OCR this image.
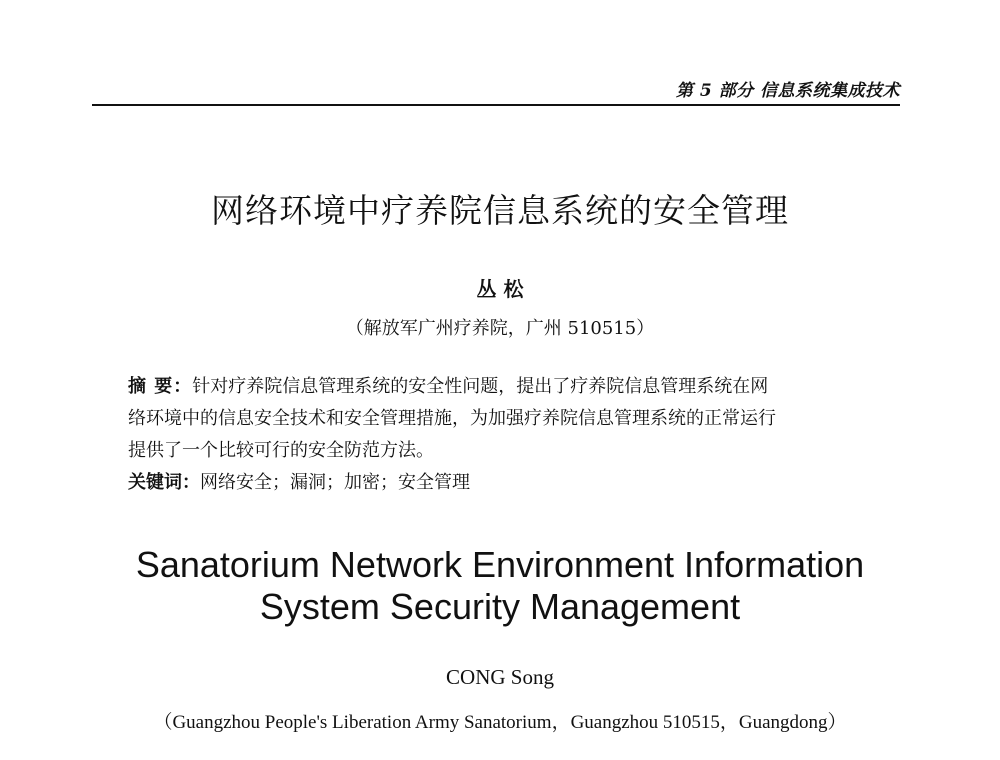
第 5 部分 信息系统集成技术
网络环境中疗养院信息系统的安全管理
丛 松
（解放军广州疗养院，广州 510515）
摘 要：针对疗养院信息管理系统的安全性问题，提出了疗养院信息管理系统在网
络环境中的信息安全技术和安全管理措施，为加强疗养院信息管理系统的正常运行
提供了一个比较可行的安全防范方法。
关键词：网络安全；漏洞；加密；安全管理
Sanatorium Network Environment Information
System Security Management
CONG Song
（Guangzhou People's Liberation Army Sanatorium，Guangzhou 510515，Guangdong）
